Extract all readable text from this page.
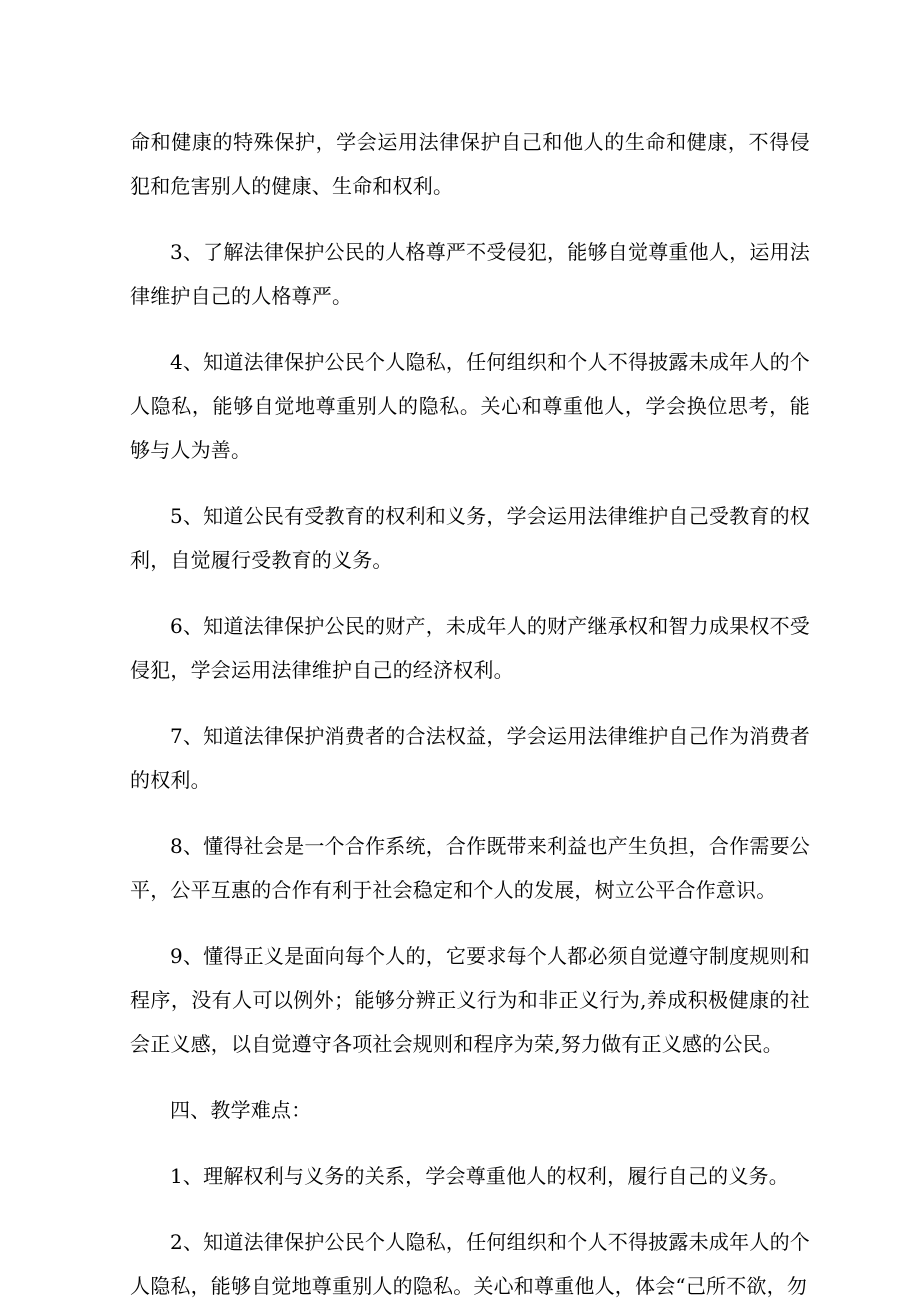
命和健康的特殊保护，学会运用法律保护自己和他人的生命和健康，不得侵犯和危害别人的健康、生命和权利。

3、了解法律保护公民的人格尊严不受侵犯，能够自觉尊重他人，运用法律维护自己的人格尊严。

4、知道法律保护公民个人隐私，任何组织和个人不得披露未成年人的个人隐私，能够自觉地尊重别人的隐私。关心和尊重他人，学会换位思考，能够与人为善。

5、知道公民有受教育的权利和义务，学会运用法律维护自己受教育的权利，自觉履行受教育的义务。

6、知道法律保护公民的财产，未成年人的财产继承权和智力成果权不受侵犯，学会运用法律维护自己的经济权利。

7、知道法律保护消费者的合法权益，学会运用法律维护自己作为消费者的权利。

8、懂得社会是一个合作系统，合作既带来利益也产生负担，合作需要公平，公平互惠的合作有利于社会稳定和个人的发展，树立公平合作意识。

9、懂得正义是面向每个人的，它要求每个人都必须自觉遵守制度规则和程序，没有人可以例外；能够分辨正义行为和非正义行为,养成积极健康的社会正义感，以自觉遵守各项社会规则和程序为荣,努力做有正义感的公民。

四、教学难点：

1、理解权利与义务的关系，学会尊重他人的权利，履行自己的义务。

2、知道法律保护公民个人隐私，任何组织和个人不得披露未成年人的个人隐私，能够自觉地尊重别人的隐私。关心和尊重他人，体会“己所不欲，勿
